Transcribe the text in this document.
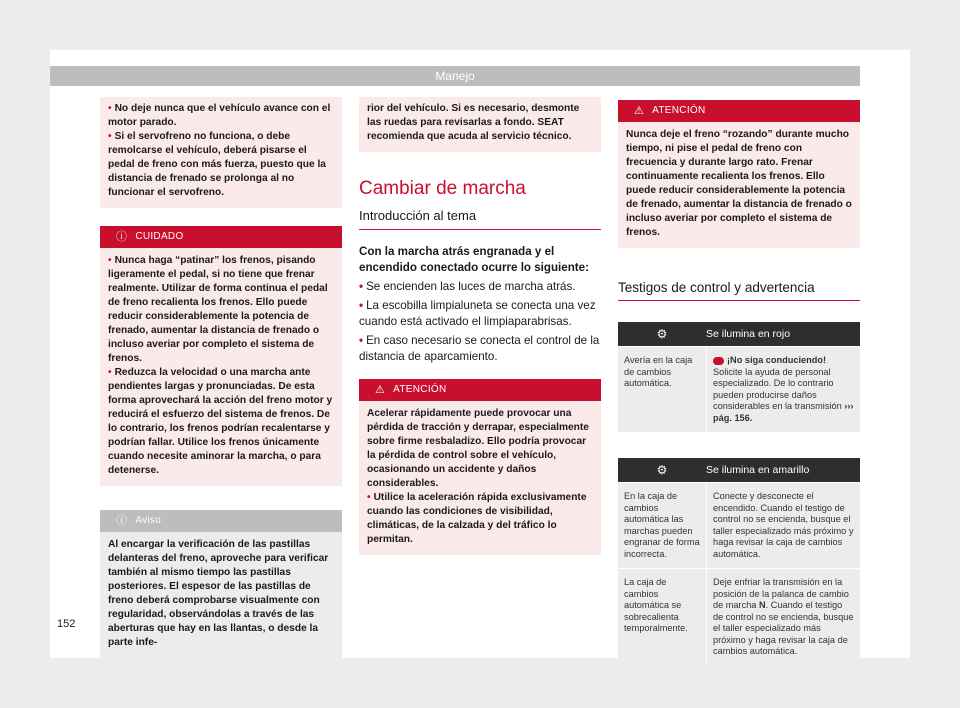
Manejo

• No deje nunca que el vehículo avance con el motor parado.

• Si el servofreno no funciona, o debe remolcarse el vehículo, deberá pisarse el pedal de freno con más fuerza, puesto que la distancia de frenado se prolonga al no funcionar el servofreno.

ⓘ CUIDADO

• Nunca haga “patinar” los frenos, pisando ligeramente el pedal, si no tiene que frenar realmente. Utilizar de forma continua el pedal de freno recalienta los frenos. Ello puede reducir considerablemente la potencia de frenado, aumentar la distancia de frenado o incluso averiar por completo el sistema de frenos.

• Reduzca la velocidad o una marcha ante pendientes largas y pronunciadas. De esta forma aprovechará la acción del freno motor y reducirá el esfuerzo del sistema de frenos. De lo contrario, los frenos podrían recalentarse y podrían fallar. Utilice los frenos únicamente cuando necesite aminorar la marcha, o para detenerse.

ⓘ Aviso

Al encargar la verificación de las pastillas delanteras del freno, aproveche para verificar también al mismo tiempo las pastillas posteriores. El espesor de las pastillas de freno deberá comprobarse visualmente con regularidad, observándolas a través de las aberturas que hay en las llantas, o desde la parte infe-

rior del vehículo. Si es necesario, desmonte las ruedas para revisarlas a fondo. SEAT recomienda que acuda al servicio técnico.

Cambiar de marcha
Introducción al tema

Con la marcha atrás engranada y el encendido conectado ocurre lo siguiente:

• Se encienden las luces de marcha atrás.

• La escobilla limpialuneta se conecta una vez cuando está activado el limpiaparabrisas.

• En caso necesario se conecta el control de la distancia de aparcamiento.

⚠ ATENCIÓN

Acelerar rápidamente puede provocar una pérdida de tracción y derrapar, especialmente sobre firme resbaladizo. Ello podría provocar la pérdida de control sobre el vehículo, ocasionando un accidente y daños considerables.

• Utilice la aceleración rápida exclusivamente cuando las condiciones de visibilidad, climáticas, de la calzada y del tráfico lo permitan.

⚠ ATENCIÓN

Nunca deje el freno “rozando” durante mucho tiempo, ni pise el pedal de freno con frecuencia y durante largo rato. Frenar continuamente recalienta los frenos. Ello puede reducir considerablemente la potencia de frenado, aumentar la distancia de frenado o incluso averiar por completo el sistema de frenos.

Testigos de control y advertencia
⚙	Se ilumina en rojo
Avería en la caja de cambios automática.
¡No siga conduciendo!
Solicite la ayuda de personal especializado. De lo contrario pueden producirse daños considerables en la transmisión ››› pág. 156.
⚙	Se ilumina en amarillo
En la caja de cambios automática las marchas pueden engranar de forma incorrecta.
Conecte y desconecte el encendido. Cuando el testigo de control no se encienda, busque el taller especializado más próximo y haga revisar la caja de cambios automática.
La caja de cambios automática se sobrecalienta temporalmente.
Deje enfriar la transmisión en la posición de la palanca de cambio de marcha N. Cuando el testigo de control no se encienda, busque el taller especializado más próximo y haga revisar la caja de cambios automática.
152
